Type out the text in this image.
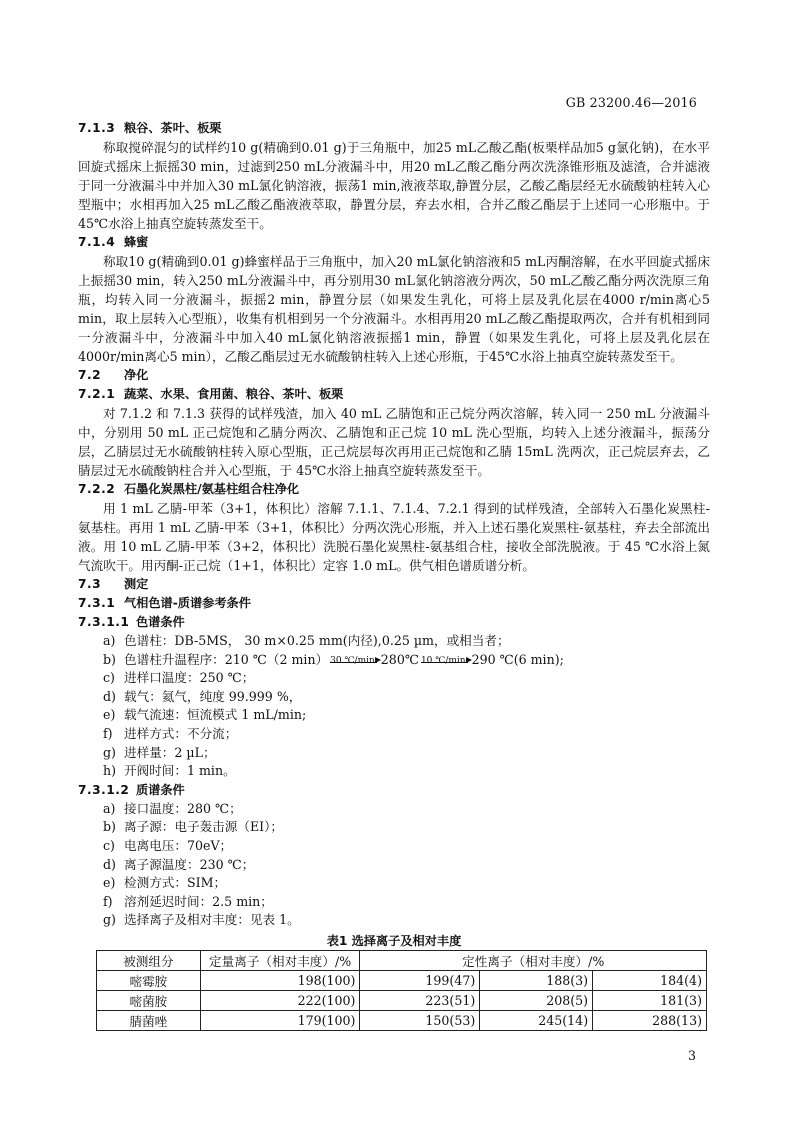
GB 23200.46—2016
7.1.3 粮谷、茶叶、板栗
称取搅碎混匀的试样约10 g(精确到0.01 g)于三角瓶中，加25 mL乙酸乙酯(板栗样品加5 g氯化钠)，在水平回旋式摇床上振摇30 min，过滤到250 mL分液漏斗中，用20 mL乙酸乙酯分两次洗涤锥形瓶及滤渣，合并滤液于同一分液漏斗中并加入30 mL氯化钠溶液，振荡1 min,液液萃取,静置分层，乙酸乙酯层经无水硫酸钠柱转入心型瓶中；水相再加入25 mL乙酸乙酯液液萃取，静置分层，弃去水相，合并乙酸乙酯层于上述同一心形瓶中。于45℃水浴上抽真空旋转蒸发至干。
7.1.4 蜂蜜
称取10 g(精确到0.01 g)蜂蜜样品于三角瓶中，加入20 mL氯化钠溶液和5 mL丙酮溶解，在水平回旋式摇床上振摇30 min，转入250 mL分液漏斗中，再分别用30 mL氯化钠溶液分两次，50 mL乙酸乙酯分两次洗原三角瓶，均转入同一分液漏斗，振摇2 min，静置分层（如果发生乳化，可将上层及乳化层在4000 r/min离心5 min，取上层转入心型瓶），收集有机相到另一个分液漏斗。水相再用20 mL乙酸乙酯提取两次，合并有机相到同一分液漏斗中，分液漏斗中加入40 mL氯化钠溶液振摇1 min，静置（如果发生乳化，可将上层及乳化层在4000r/min离心5 min），乙酸乙酯层过无水硫酸钠柱转入上述心形瓶，于45℃水浴上抽真空旋转蒸发至干。
7.2 净化
7.2.1 蔬菜、水果、食用菌、粮谷、茶叶、板栗
对 7.1.2 和 7.1.3 获得的试样残渣，加入 40 mL 乙腈饱和正己烷分两次溶解，转入同一 250 mL 分液漏斗中，分别用 50 mL 正己烷饱和乙腈分两次、乙腈饱和正己烷 10 mL 洗心型瓶，均转入上述分液漏斗，振荡分层，乙腈层过无水硫酸钠柱转入原心型瓶，正己烷层每次再用正己烷饱和乙腈 15mL 洗两次，正己烷层弃去，乙腈层过无水硫酸钠柱合并入心型瓶，于 45℃水浴上抽真空旋转蒸发至干。
7.2.2 石墨化炭黑柱/氨基柱组合柱净化
用 1 mL 乙腈-甲苯（3+1，体积比）溶解 7.1.1、7.1.4、7.2.1 得到的试样残渣，全部转入石墨化炭黑柱-氨基柱。再用 1 mL 乙腈-甲苯（3+1，体积比）分两次洗心形瓶，并入上述石墨化炭黑柱-氨基柱，弃去全部流出液。用 10 mL 乙腈-甲苯（3+2，体积比）洗脱石墨化炭黑柱-氨基组合柱，接收全部洗脱液。于 45 ℃水浴上氮气流吹干。用丙酮-正己烷（1+1，体积比）定容 1.0 mL。供气相色谱质谱分析。
7.3 测定
7.3.1 气相色谱-质谱参考条件
7.3.1.1 色谱条件
a) 色谱柱：DB-5MS， 30 m×0.25 mm(内径),0.25 µm，或相当者；
b) 色谱柱升温程序：210 ℃（2 min） 30 ℃/min 280℃ 10 ℃/min 290 ℃(6 min);
c) 进样口温度：250 ℃；
d) 载气：氦气，纯度 99.999 %，
e) 载气流速：恒流模式 1 mL/min;
f) 进样方式：不分流；
g) 进样量：2 µL；
h) 开阀时间：1 min。
7.3.1.2 质谱条件
a) 接口温度：280 ℃；
b) 离子源：电子轰击源（EI）；
c) 电离电压：70eV；
d) 离子源温度：230 ℃；
e) 检测方式：SIM；
f) 溶剂延迟时间：2.5 min；
g) 选择离子及相对丰度：见表 1。
表1 选择离子及相对丰度
被测组分	定量离子（相对丰度）/%	定性离子（相对丰度）/%		
嘧霉胺	198(100)	199(47)	188(3)	184(4)
嘧菌胺	222(100)	223(51)	208(5)	181(3)
腈菌唑	179(100)	150(53)	245(14)	288(13)
3
